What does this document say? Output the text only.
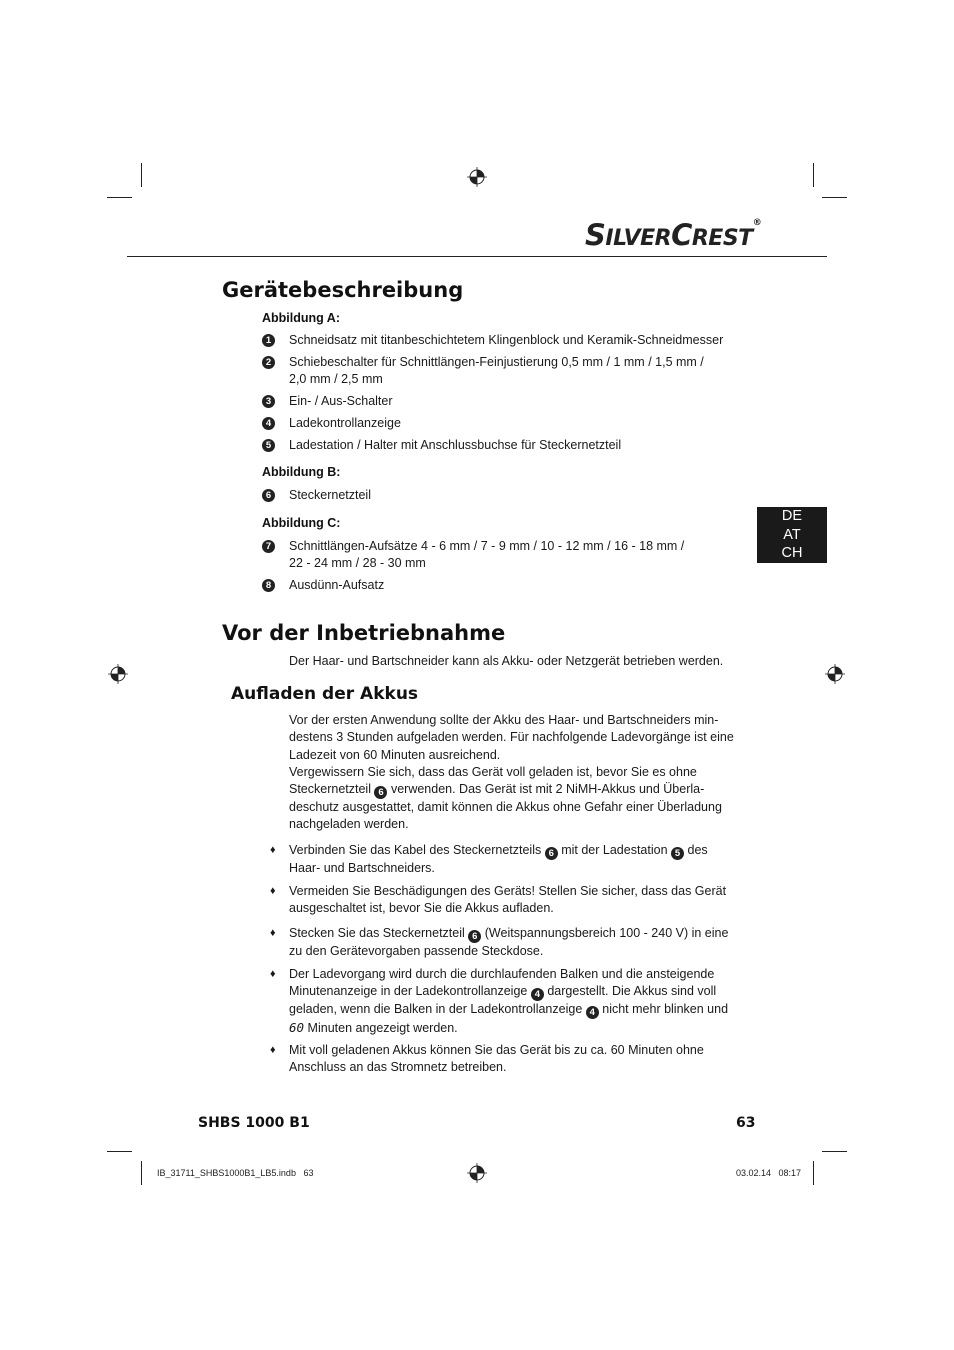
SILVERCREST®
Gerätebeschreibung
Abbildung A:
1	Schneidsatz mit titanbeschichtetem Klingenblock und Keramik-Schneidmesser
2	Schiebeschalter für Schnittlängen-Feinjustierung 0,5 mm / 1 mm / 1,5 mm /
2,0 mm / 2,5 mm
3	Ein- / Aus-Schalter
4	Ladekontrollanzeige
5	Ladestation / Halter mit Anschlussbuchse für Steckernetzteil
Abbildung B:
6	Steckernetzteil
Abbildung C:
7	Schnittlängen-Aufsätze 4 - 6 mm / 7 - 9 mm / 10 - 12 mm / 16 - 18 mm /
22 - 24 mm / 28 - 30 mm
8	Ausdünn-Aufsatz
DE
AT
CH
Vor der Inbetriebnahme
Der Haar- und Bartschneider kann als Akku- oder Netzgerät betrieben werden.
Aufladen der Akkus
Vor der ersten Anwendung sollte der Akku des Haar- und Bartschneiders min-
destens 3 Stunden aufgeladen werden. Für nachfolgende Ladevorgänge ist eine
Ladezeit von 60 Minuten ausreichend.
Vergewissern Sie sich, dass das Gerät voll geladen ist, bevor Sie es ohne
Steckernetzteil 6 verwenden. Das Gerät ist mit 2 NiMH-Akkus und Überla-
deschutz ausgestattet, damit können die Akkus ohne Gefahr einer Überladung
nachgeladen werden.
♦ Verbinden Sie das Kabel des Steckernetzteils 6 mit der Ladestation 5 des
Haar- und Bartschneiders.
♦ Vermeiden Sie Beschädigungen des Geräts! Stellen Sie sicher, dass das Gerät
ausgeschaltet ist, bevor Sie die Akkus aufladen.
♦ Stecken Sie das Steckernetzteil 6 (Weitspannungsbereich 100 - 240 V) in eine
zu den Gerätevorgaben passende Steckdose.
♦ Der Ladevorgang wird durch die durchlaufenden Balken und die ansteigende
Minutenanzeige in der Ladekontrollanzeige 4 dargestellt. Die Akkus sind voll
geladen, wenn die Balken in der Ladekontrollanzeige 4 nicht mehr blinken und
60 Minuten angezeigt werden.
♦ Mit voll geladenen Akkus können Sie das Gerät bis zu ca. 60 Minuten ohne
Anschluss an das Stromnetz betreiben.
SHBS 1000 B1	63
IB_31711_SHBS1000B1_LB5.indb   63	03.02.14   08:17
